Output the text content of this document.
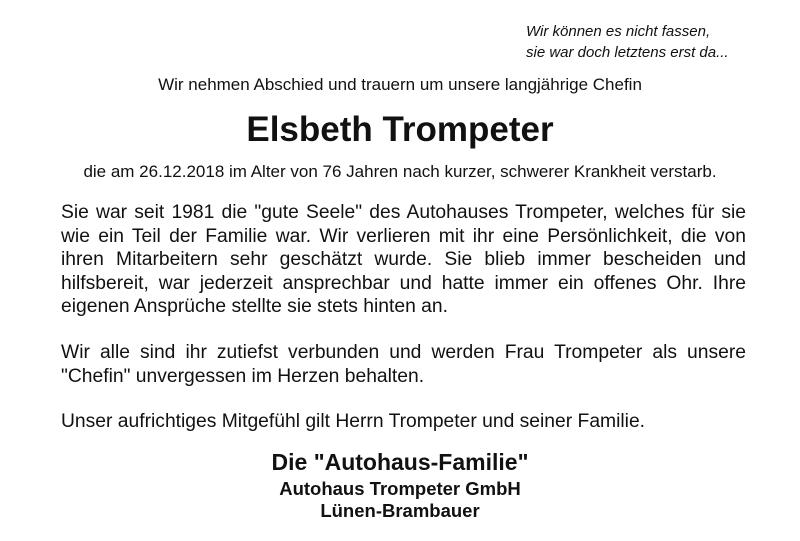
Wir können es nicht fassen,
sie war doch letztens erst da...
Wir nehmen Abschied und trauern um unsere langjährige Chefin
Elsbeth Trompeter
die am 26.12.2018 im Alter von 76 Jahren nach kurzer, schwerer Krankheit verstarb.
Sie war seit 1981 die "gute Seele" des Autohauses Trompeter, welches für sie wie ein Teil der Familie war. Wir verlieren mit ihr eine Persönlichkeit, die von ihren Mitarbeitern sehr geschätzt wurde. Sie blieb immer bescheiden und hilfsbereit, war jederzeit ansprechbar und hatte immer ein offenes Ohr. Ihre eigenen Ansprüche stellte sie stets hinten an.
Wir alle sind ihr zutiefst verbunden und werden Frau Trompeter als unsere "Chefin" unvergessen im Herzen behalten.
Unser aufrichtiges Mitgefühl gilt Herrn Trompeter und seiner Familie.
Die "Autohaus-Familie"
Autohaus Trompeter GmbH
Lünen-Brambauer
